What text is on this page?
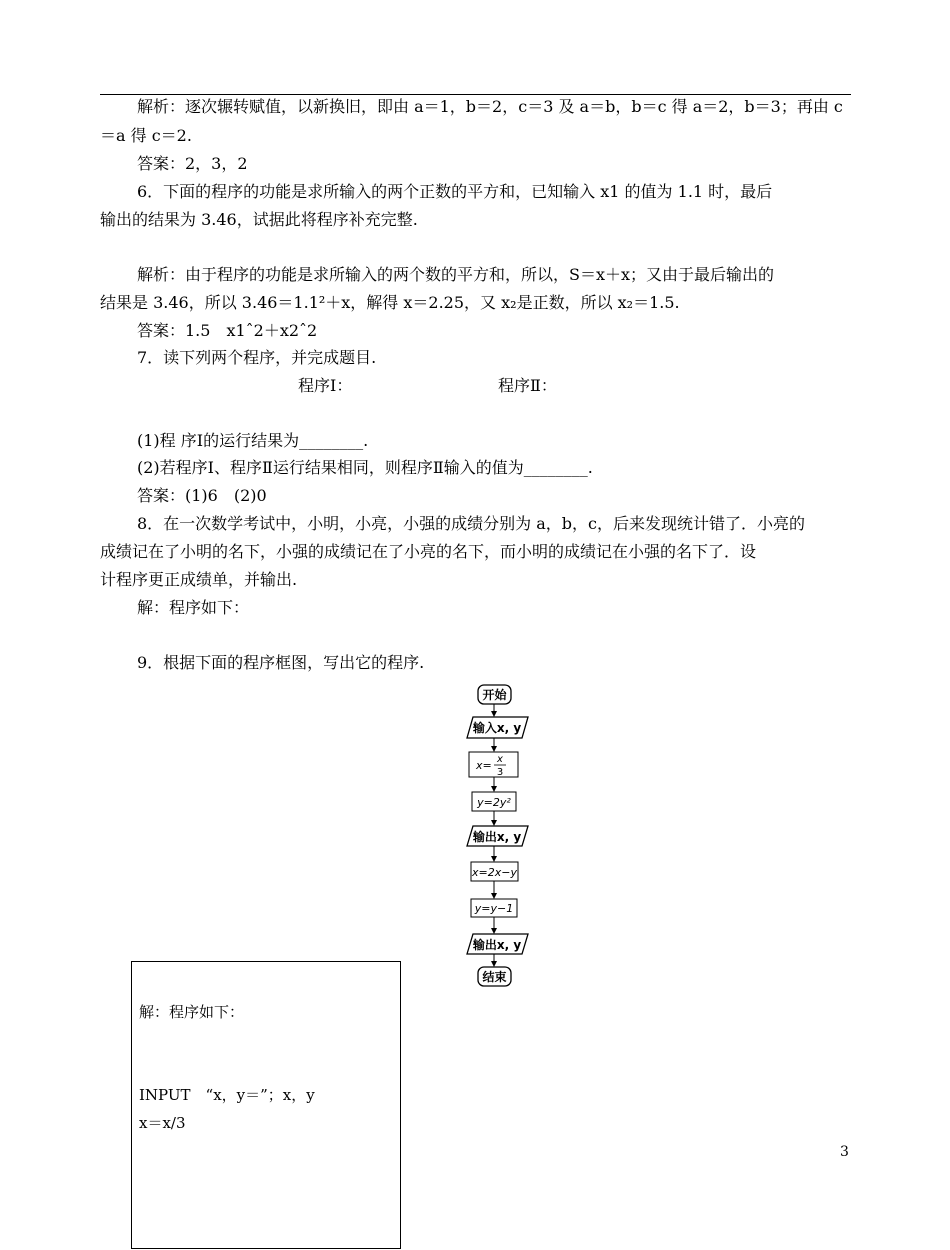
解析：逐次辗转赋值，以新换旧，即由 a＝1，b＝2，c＝3 及 a＝b，b＝c 得 a＝2，b＝3；再由 c
＝a 得 c＝2.
答案：2，3，2
6．下面的程序的功能是求所输入的两个正数的平方和，已知输入 x1 的值为 1.1 时，最后
输出的结果为 3.46，试据此将程序补充完整.
解析：由于程序的功能是求所输入的两个数的平方和，所以，S＝x＋x；又由于最后输出的
结果是 3.46，所以 3.46＝1.1²＋x，解得 x＝2.25，又 x₂是正数，所以 x₂＝1.5.
答案：1.5　x1ˆ2＋x2ˆ2
7．读下列两个程序，并完成题目.
程序Ⅰ：	程序Ⅱ：
(1)程 序Ⅰ的运行结果为________.
(2)若程序Ⅰ、程序Ⅱ运行结果相同，则程序Ⅱ输入的值为________.
答案：(1)6　(2)0
8．在一次数学考试中，小明，小亮，小强的成绩分别为 a，b，c，后来发现统计错了．小亮的
成绩记在了小明的名下，小强的成绩记在了小亮的名下，而小明的成绩记在小强的名下了．设
计程序更正成绩单，并输出.
解：程序如下：
9．根据下面的程序框图，写出它的程序.
开始
输入x, y
x= x
3
y=2y²
输出x, y
x=2x−y
y=y−1
输出x, y
结束
解：程序如下：
INPUT　“x，y＝”；x，y
x＝x/3
3
